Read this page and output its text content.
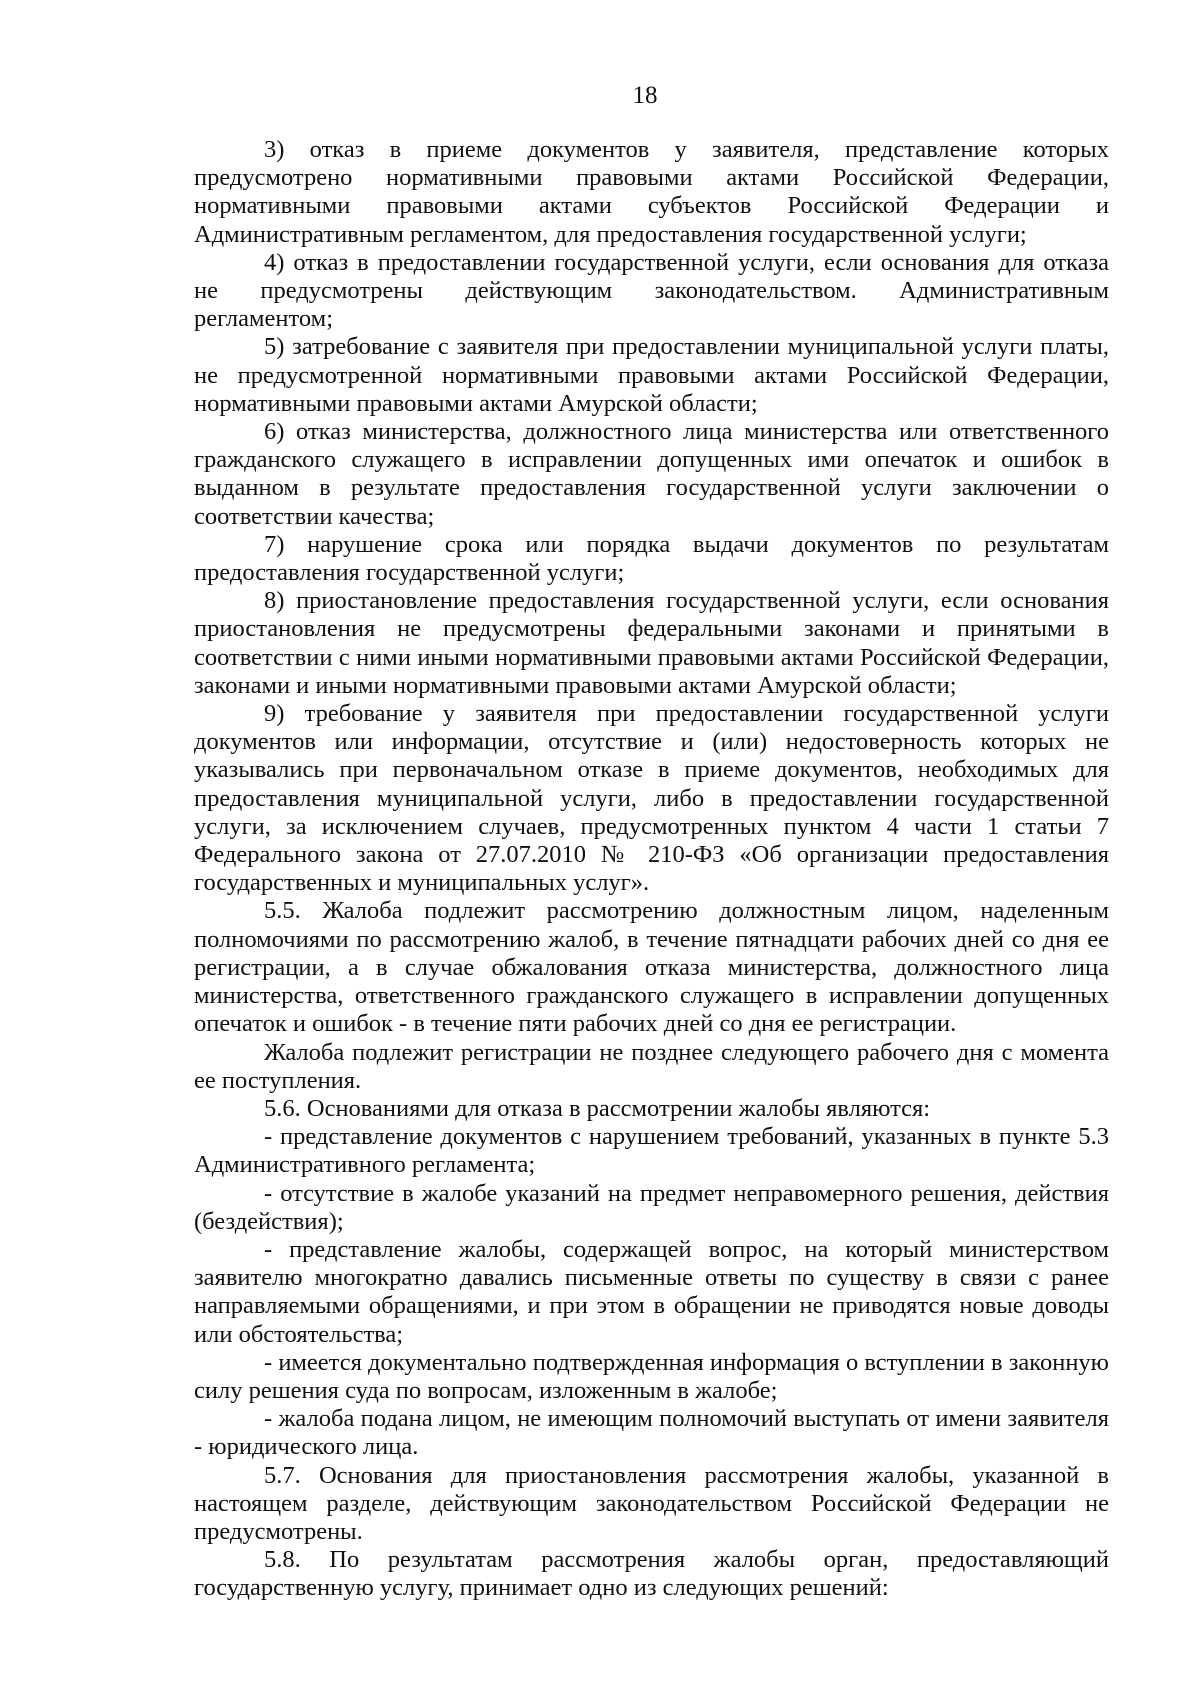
18

3) отказ в приеме документов у заявителя, представление которых предусмотрено нормативными правовыми актами Российской Федерации, нормативными правовыми актами субъектов Российской Федерации и Административным регламентом, для предоставления государственной услуги;

4) отказ в предоставлении государственной услуги, если основания для отказа не предусмотрены действующим законодательством. Административным регламентом;

5) затребование с заявителя при предоставлении муниципальной услуги платы, не предусмотренной нормативными правовыми актами Российской Федерации, нормативными правовыми актами Амурской области;

6) отказ министерства, должностного лица министерства или ответственного гражданского служащего в исправлении допущенных ими опечаток и ошибок в выданном в результате предоставления государственной услуги заключении о соответствии качества;

7) нарушение срока или порядка выдачи документов по результатам предоставления государственной услуги;

8) приостановление предоставления государственной услуги, если основания приостановления не предусмотрены федеральными законами и принятыми в соответствии с ними иными нормативными правовыми актами Российской Федерации, законами и иными нормативными правовыми актами Амурской области;

9) требование у заявителя при предоставлении государственной услуги документов или информации, отсутствие и (или) недостоверность которых не указывались при первоначальном отказе в приеме документов, необходимых для предоставления муниципальной услуги, либо в предоставлении государственной услуги, за исключением случаев, предусмотренных пунктом 4 части 1 статьи 7 Федерального закона от 27.07.2010 № 210-ФЗ «Об организации предоставления государственных и муниципальных услуг».

5.5. Жалоба подлежит рассмотрению должностным лицом, наделенным полномочиями по рассмотрению жалоб, в течение пятнадцати рабочих дней со дня ее регистрации, а в случае обжалования отказа министерства, должностного лица министерства, ответственного гражданского служащего в исправлении допущенных опечаток и ошибок - в течение пяти рабочих дней со дня ее регистрации.

Жалоба подлежит регистрации не позднее следующего рабочего дня с момента ее поступления.

5.6. Основаниями для отказа в рассмотрении жалобы являются:

- представление документов с нарушением требований, указанных в пункте 5.3 Административного регламента;

- отсутствие в жалобе указаний на предмет неправомерного решения, действия (бездействия);

- представление жалобы, содержащей вопрос, на который министерством заявителю многократно давались письменные ответы по существу в связи с ранее направляемыми обращениями, и при этом в обращении не приводятся новые доводы или обстоятельства;

- имеется документально подтвержденная информация о вступлении в законную силу решения суда по вопросам, изложенным в жалобе;

- жалоба подана лицом, не имеющим полномочий выступать от имени заявителя - юридического лица.

5.7. Основания для приостановления рассмотрения жалобы, указанной в настоящем разделе, действующим законодательством Российской Федерации не предусмотрены.

5.8. По результатам рассмотрения жалобы орган, предоставляющий государственную услугу, принимает одно из следующих решений:
